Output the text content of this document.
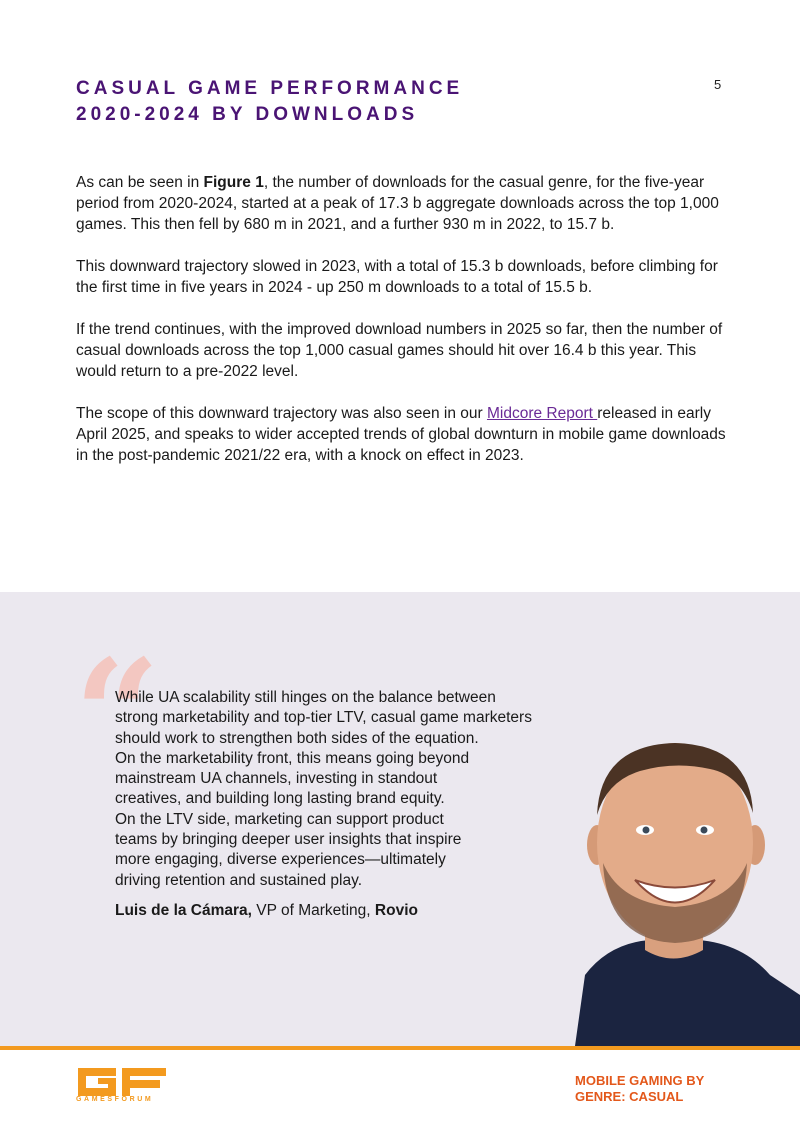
CASUAL GAME PERFORMANCE
2020-2024 BY DOWNLOADS
5

As can be seen in Figure 1, the number of downloads for the casual genre, for the five-year period from 2020-2024, started at a peak of 17.3 b aggregate downloads across the top 1,000 games. This then fell by 680 m in 2021, and a further 930 m in 2022, to 15.7 b.

This downward trajectory slowed in 2023, with a total of 15.3 b downloads, before climbing for the first time in five years in 2024 - up 250 m downloads to a total of 15.5 b.

If the trend continues, with the improved download numbers in 2025 so far, then the number of casual downloads across the top 1,000 casual games should hit over 16.4 b this year. This would return to a pre-2022 level.

The scope of this downward trajectory was also seen in our Midcore Report released in early April 2025, and speaks to wider accepted trends of global downturn in mobile game downloads in the post-pandemic 2021/22 era, with a knock on effect in 2023.

“

While UA scalability still hinges on the balance between
strong marketability and top-tier LTV, casual game marketers
should work to strengthen both sides of the equation.
On the marketability front, this means going beyond
mainstream UA channels, investing in standout
creatives, and building long lasting brand equity.
On the LTV side, marketing can support product
teams by bringing deeper user insights that inspire
more engaging, diverse experiences—ultimately
driving retention and sustained play.

Luis de la Cámara, VP of Marketing, Rovio

GAMESFORUM
MOBILE GAMING BY
GENRE: CASUAL
